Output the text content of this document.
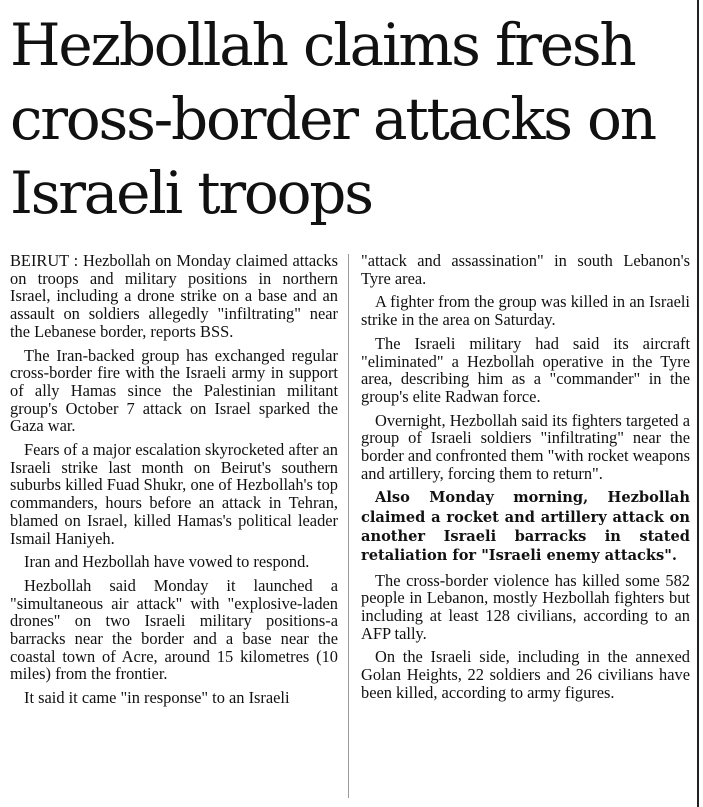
Hezbollah claims fresh
cross-border attacks on
Israeli troops

BEIRUT : Hezbollah on Monday claimed attacks on troops and military positions in northern Israel, including a drone strike on a base and an assault on soldiers allegedly "infiltrating" near the Lebanese border, reports BSS.

The Iran-backed group has exchanged regular cross-border fire with the Israeli army in support of ally Hamas since the Palestinian militant group's October 7 attack on Israel sparked the Gaza war.

Fears of a major escalation skyrocketed after an Israeli strike last month on Beirut's southern suburbs killed Fuad Shukr, one of Hezbollah's top commanders, hours before an attack in Tehran, blamed on Israel, killed Hamas's political leader Ismail Haniyeh.

Iran and Hezbollah have vowed to respond.

Hezbollah said Monday it launched a "simultaneous air attack" with "explosive-laden drones" on two Israeli military positions-a barracks near the border and a base near the coastal town of Acre, around 15 kilometres (10 miles) from the frontier.

It said it came "in response" to an Israeli

"attack and assassination" in south Lebanon's Tyre area.

A fighter from the group was killed in an Israeli strike in the area on Saturday.

The Israeli military had said its aircraft "eliminated" a Hezbollah operative in the Tyre area, describing him as a "commander" in the group's elite Radwan force.

Overnight, Hezbollah said its fighters targeted a group of Israeli soldiers "infiltrating" near the border and confronted them "with rocket weapons and artillery, forcing them to return".

Also Monday morning, Hezbollah claimed a rocket and artillery attack on another Israeli barracks in stated retaliation for "Israeli enemy attacks".

The cross-border violence has killed some 582 people in Lebanon, mostly Hezbollah fighters but including at least 128 civilians, according to an AFP tally.

On the Israeli side, including in the annexed Golan Heights, 22 soldiers and 26 civilians have been killed, according to army figures.
